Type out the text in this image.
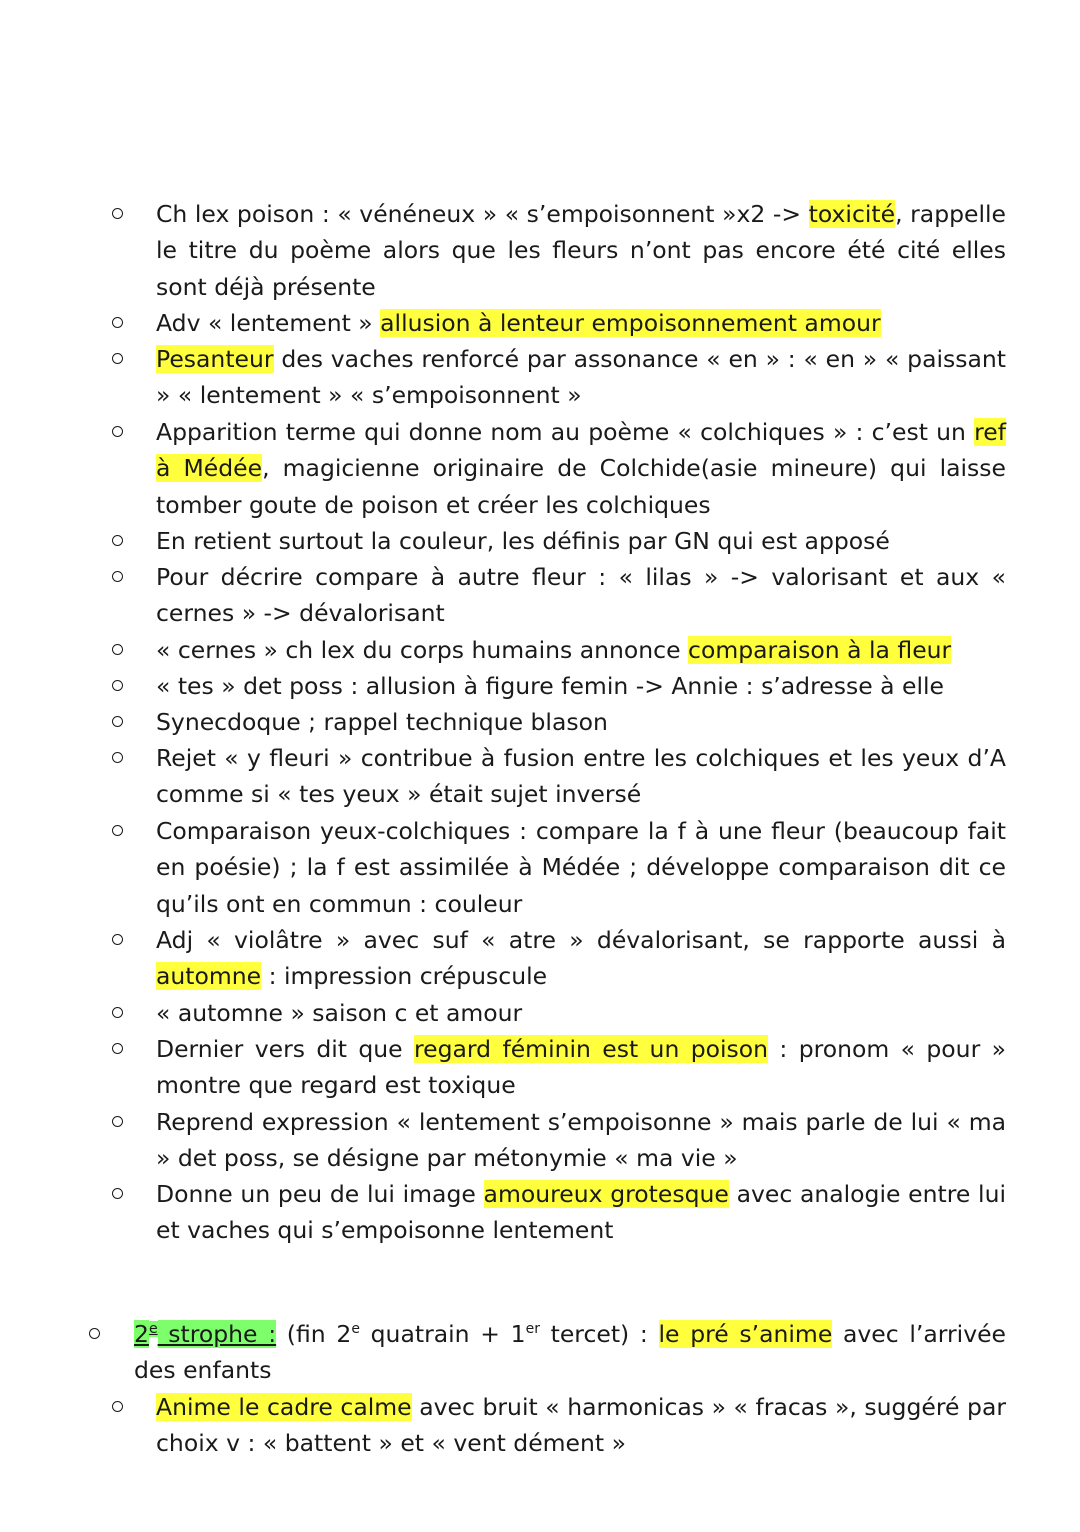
Ch lex poison : « vénéneux » « s’empoisonnent »x2 -> toxicité, rappelle le titre du poème alors que les fleurs n’ont pas encore été cité elles sont déjà présente
Adv « lentement » allusion à lenteur empoisonnement amour
Pesanteur des vaches renforcé par assonance « en » : « en » « paissant » « lentement » « s’empoisonnent »
Apparition terme qui donne nom au poème « colchiques » : c’est un ref à Médée, magicienne originaire de Colchide(asie mineure) qui laisse tomber goute de poison et créer les colchiques
En retient surtout la couleur, les définis par GN qui est apposé
Pour décrire compare à autre fleur : « lilas » -> valorisant et aux « cernes » -> dévalorisant
« cernes » ch lex du corps humains annonce comparaison à la fleur
« tes » det poss : allusion à figure femin -> Annie : s’adresse à elle
Synecdoque ; rappel technique blason
Rejet « y fleuri » contribue à fusion entre les colchiques et les yeux d’A comme si « tes yeux » était sujet inversé
Comparaison yeux-colchiques : compare la f à une fleur (beaucoup fait en poésie) ; la f est assimilée à Médée ; développe comparaison dit ce qu’ils ont en commun : couleur
Adj « violâtre » avec suf « atre » dévalorisant, se rapporte aussi à automne : impression crépuscule
« automne » saison c et amour
Dernier vers dit que regard féminin est un poison : pronom « pour » montre que regard est toxique
Reprend expression « lentement s’empoisonne » mais parle de lui « ma » det poss, se désigne par métonymie « ma vie »
Donne un peu de lui image amoureux grotesque avec analogie entre lui et vaches qui s’empoisonne lentement
2e strophe : (fin 2e quatrain + 1er tercet) : le pré s’anime avec l’arrivée des enfants
Anime le cadre calme avec bruit « harmonicas » « fracas », suggéré par choix v : « battent » et « vent dément »
